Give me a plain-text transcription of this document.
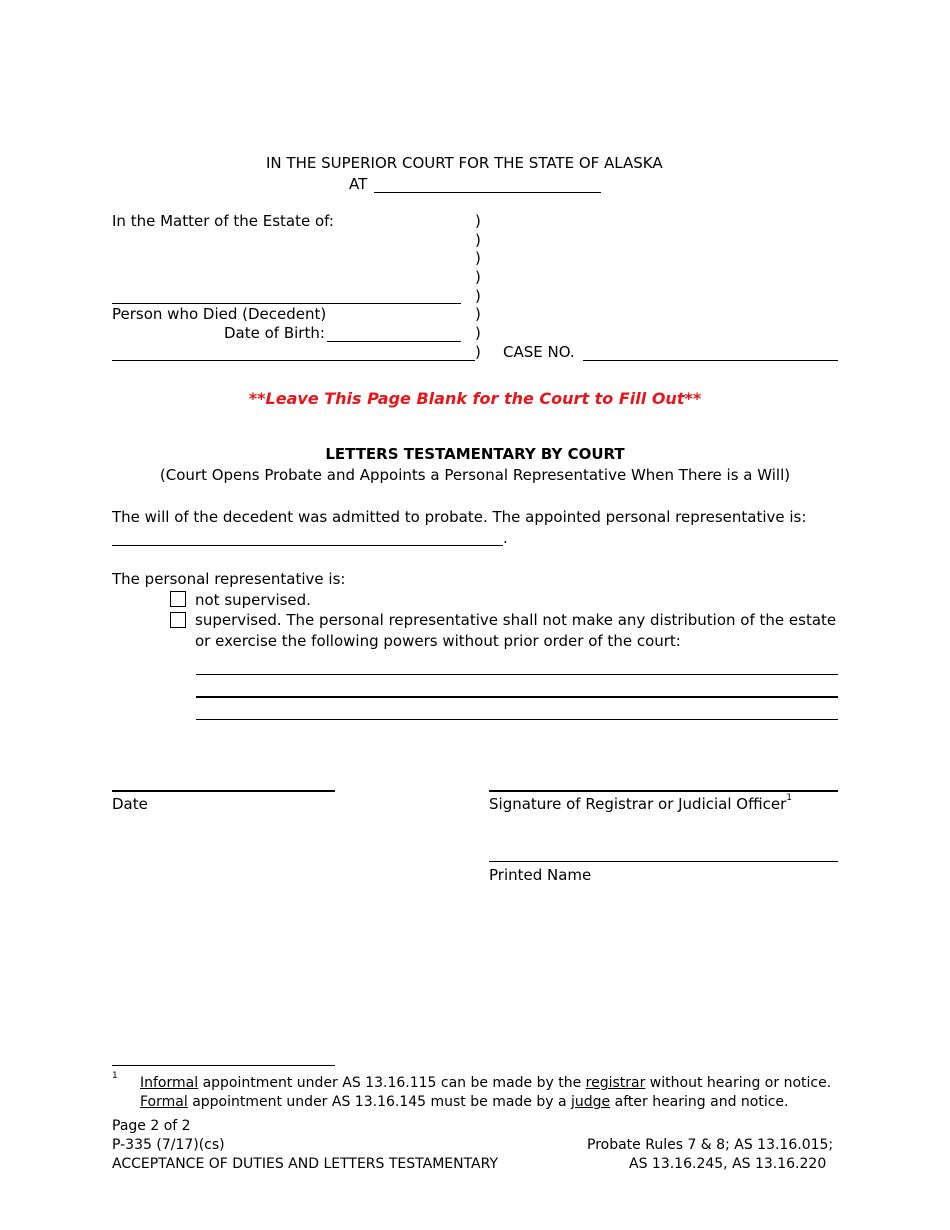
IN THE SUPERIOR COURT FOR THE STATE OF ALASKA
AT
In the Matter of the Estate of:	)
)
)
)
)
)
)
)
Person who Died (Decedent)
Date of Birth:
CASE NO.
**Leave This Page Blank for the Court to Fill Out**
LETTERS TESTAMENTARY BY COURT
(Court Opens Probate and Appoints a Personal Representative When There is a Will)
The will of the decedent was admitted to probate. The appointed personal representative is:
.
The personal representative is:
not supervised.
supervised. The personal representative shall not make any distribution of the estate
or exercise the following powers without prior order of the court:
Date	Signature of Registrar or Judicial Officer$^1$
Printed Name
1 Informal appointment under AS 13.16.115 can be made by the registrar without hearing or notice.
Formal appointment under AS 13.16.145 must be made by a judge after hearing and notice.
Page 2 of 2
P-335 (7/17)(cs)
ACCEPTANCE OF DUTIES AND LETTERS TESTAMENTARY
Probate Rules 7 & 8; AS 13.16.015;
AS 13.16.245, AS 13.16.220
